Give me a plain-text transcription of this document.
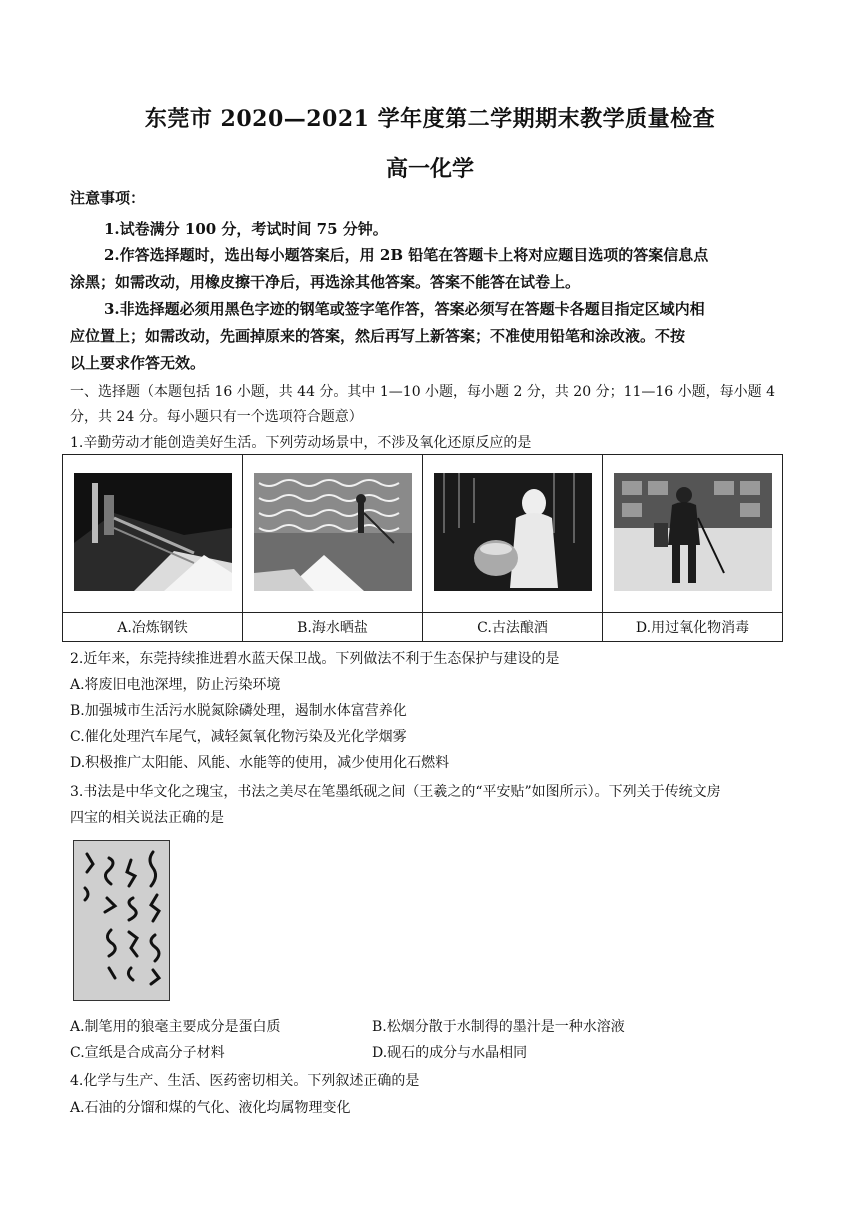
东莞市 2020—2021 学年度第二学期期末教学质量检查
高一化学
注意事项：
1.试卷满分 100 分，考试时间 75 分钟。
2.作答选择题时，选出每小题答案后，用 2B 铅笔在答题卡上将对应题目选项的答案信息点
涂黑；如需改动，用橡皮擦干净后，再选涂其他答案。答案不能答在试卷上。
3.非选择题必须用黑色字迹的钢笔或签字笔作答，答案必须写在答题卡各题目指定区域内相
应位置上；如需改动，先画掉原来的答案，然后再写上新答案；不准使用铅笔和涂改液。不按
以上要求作答无效。
一、选择题（本题包括 16 小题，共 44 分。其中 1—10 小题，每小题 2 分，共 20 分；11—16 小题，每小题 4
分，共 24 分。每小题只有一个选项符合题意）
1.辛勤劳动才能创造美好生活。下列劳动场景中，不涉及氧化还原反应的是

A.冶炼钢铁	B.海水晒盐	C.古法酿酒	D.用过氧化物消毒
2.近年来，东莞持续推进碧水蓝天保卫战。下列做法不利于生态保护与建设的是
A.将废旧电池深埋，防止污染环境
B.加强城市生活污水脱氮除磷处理，遏制水体富营养化
C.催化处理汽车尾气，减轻氮氧化物污染及光化学烟雾
D.积极推广太阳能、风能、水能等的使用，减少使用化石燃料
3.书法是中华文化之瑰宝，书法之美尽在笔墨纸砚之间（王羲之的“平安贴”如图所示）。下列关于传统文房
四宝的相关说法正确的是
A.制笔用的狼毫主要成分是蛋白质	B.松烟分散于水制得的墨汁是一种水溶液
C.宣纸是合成高分子材料	D.砚石的成分与水晶相同
4.化学与生产、生活、医药密切相关。下列叙述正确的是
A.石油的分馏和煤的气化、液化均属物理变化
